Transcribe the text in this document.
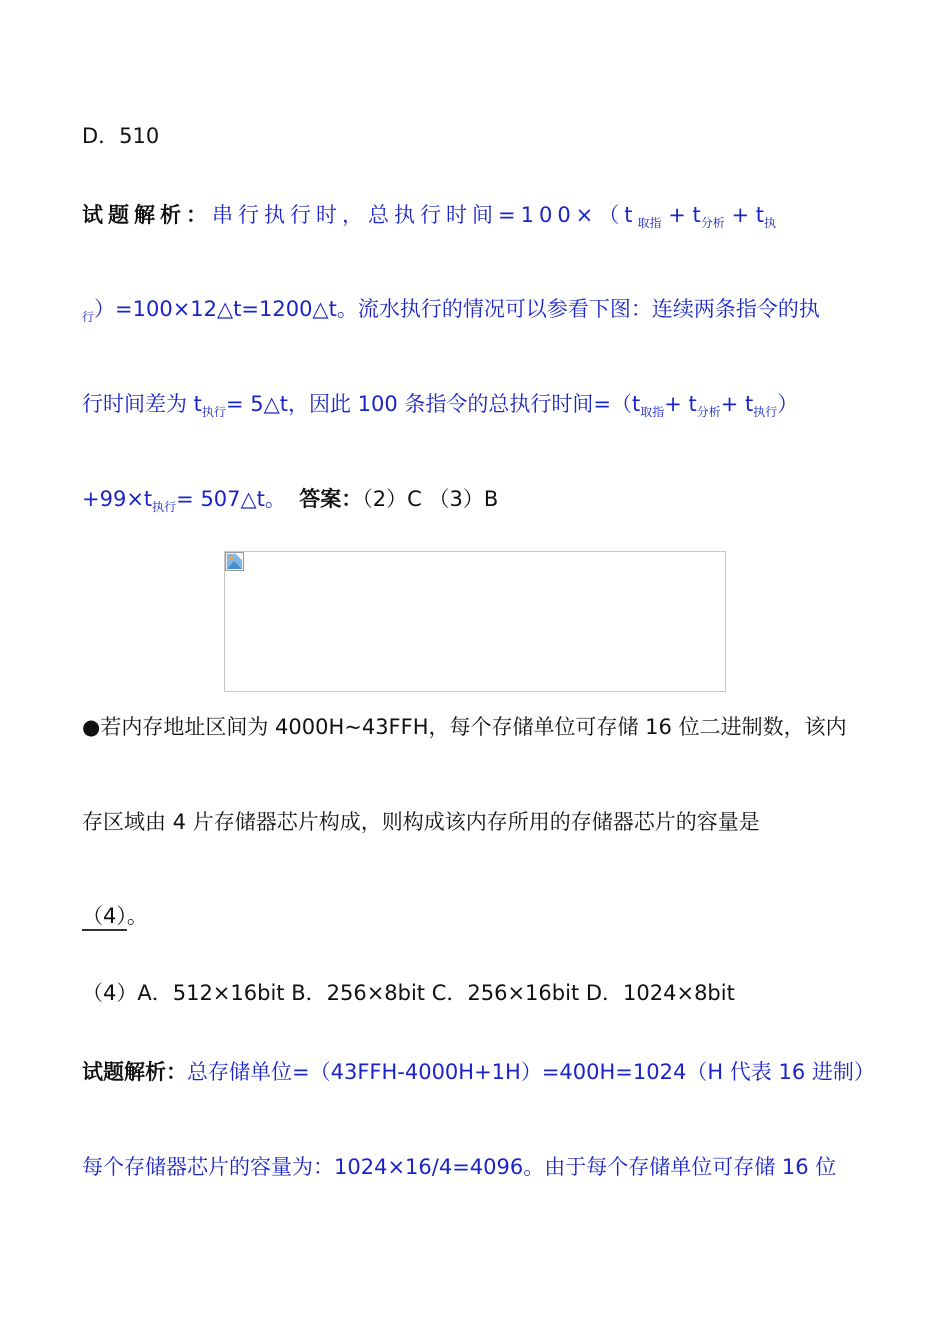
D．510
试题解析：串行执行时，总执行时间$=100\times(t_{取指} + t_{分析} + t_执$
$_行$）=100×12△t=1200△t。流水执行的情况可以参看下图：连续两条指令的执
行时间差为 $t_{执行}=$ 5△t，因此 100 条指令的总执行时间$=(t_{取指}+ t_{分析}+ t_{执行})$
$+99\times t_{执行}=$ 507△t。 答案：（2）C （3）B
●若内存地址区间为 4000H~43FFH，每个存储单位可存储 16 位二进制数，该内
存区域由 4 片存储器芯片构成，则构成该内存所用的存储器芯片的容量是
（4）。
（4）A．512×16bit B．256×8bit C．256×16bit D．1024×8bit
试题解析：总存储单位=（43FFH-4000H+1H）=400H=1024（H 代表 16 进制）
每个存储器芯片的容量为：1024×16/4=4096。由于每个存储单位可存储 16 位
